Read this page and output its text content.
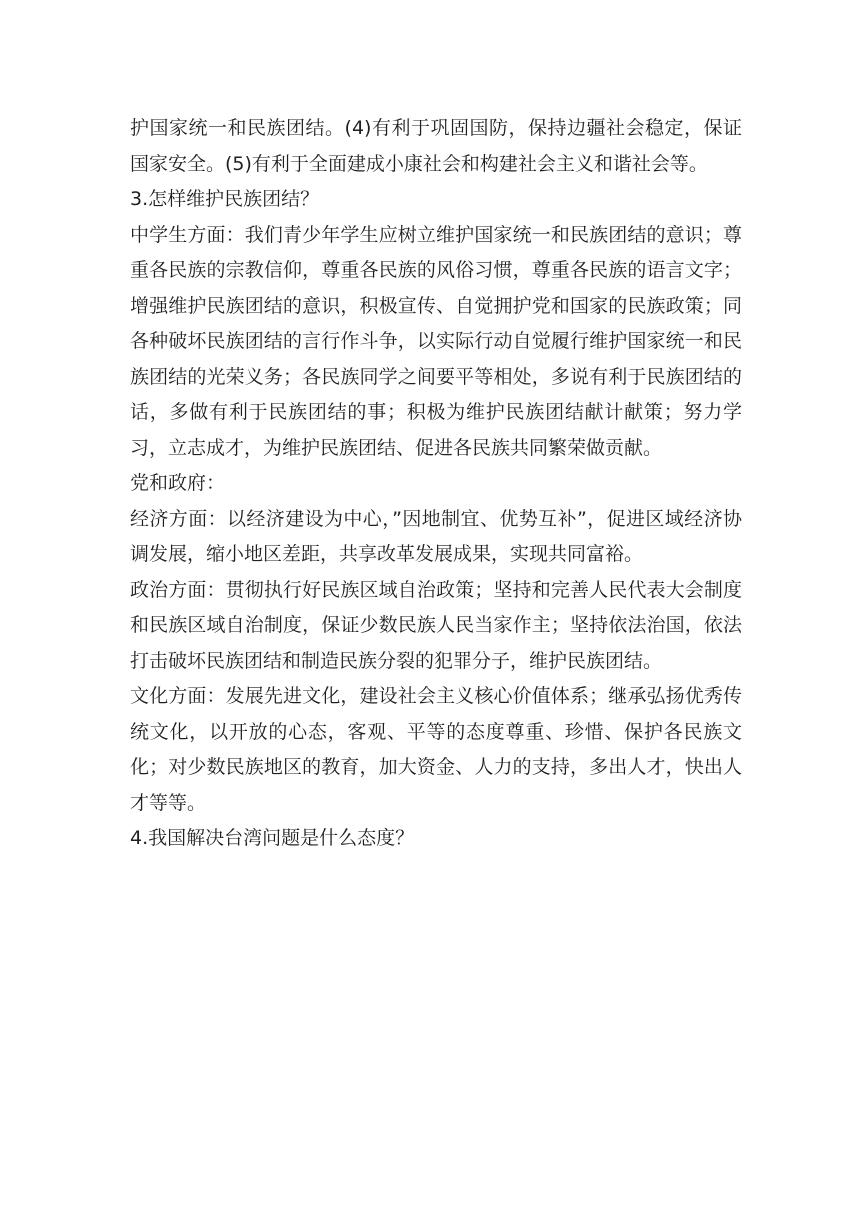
护国家统一和民族团结。(4)有利于巩固国防，保持边疆社会稳定，保证国家安全。(5)有利于全面建成小康社会和构建社会主义和谐社会等。

3.怎样维护民族团结？

中学生方面：我们青少年学生应树立维护国家统一和民族团结的意识；尊重各民族的宗教信仰，尊重各民族的风俗习惯，尊重各民族的语言文字；增强维护民族团结的意识，积极宣传、自觉拥护党和国家的民族政策；同各种破坏民族团结的言行作斗争，以实际行动自觉履行维护国家统一和民族团结的光荣义务；各民族同学之间要平等相处，多说有利于民族团结的话，多做有利于民族团结的事；积极为维护民族团结献计献策；努力学习，立志成才，为维护民族团结、促进各民族共同繁荣做贡献。

党和政府：

经济方面：以经济建设为中心，”因地制宜、优势互补”，促进区域经济协调发展，缩小地区差距，共享改革发展成果，实现共同富裕。

政治方面：贯彻执行好民族区域自治政策；坚持和完善人民代表大会制度和民族区域自治制度，保证少数民族人民当家作主；坚持依法治国，依法打击破坏民族团结和制造民族分裂的犯罪分子，维护民族团结。

文化方面：发展先进文化，建设社会主义核心价值体系；继承弘扬优秀传统文化，以开放的心态，客观、平等的态度尊重、珍惜、保护各民族文化；对少数民族地区的教育，加大资金、人力的支持，多出人才，快出人才等等。

4.我国解决台湾问题是什么态度？
